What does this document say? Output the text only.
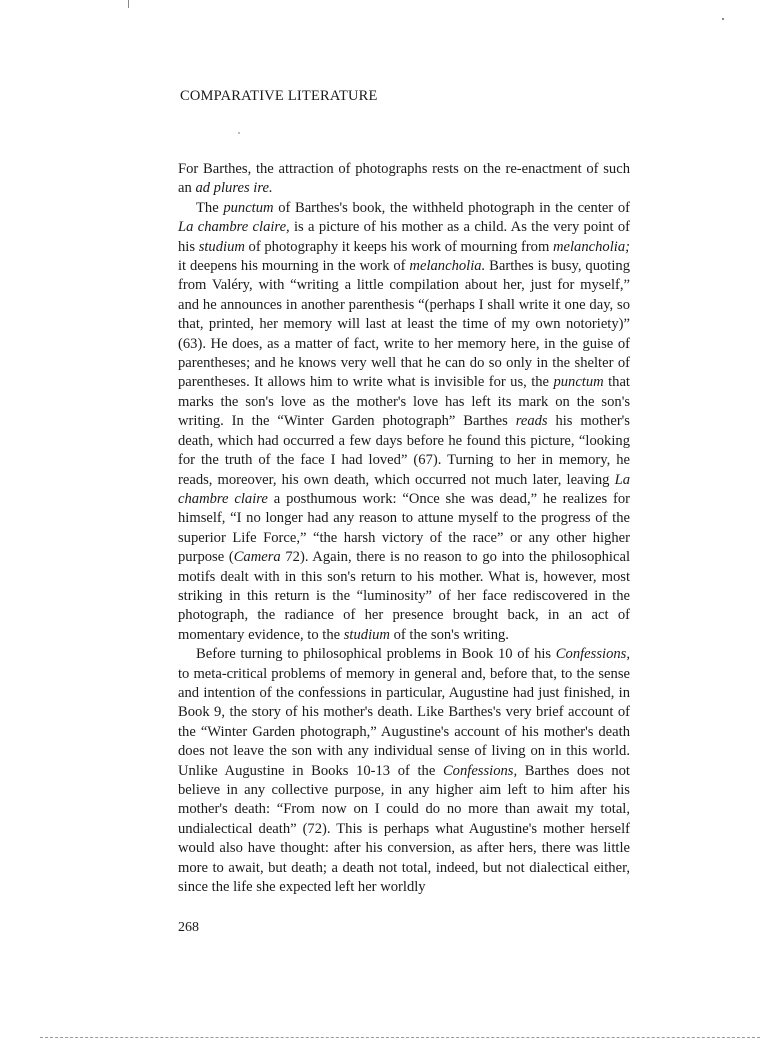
COMPARATIVE LITERATURE

For Barthes, the attraction of photographs rests on the re-enactment of such an ad plures ire.

The punctum of Barthes's book, the withheld photograph in the center of La chambre claire, is a picture of his mother as a child. As the very point of his studium of photography it keeps his work of mourning from melancholia; it deepens his mourning in the work of melancholia. Barthes is busy, quoting from Valéry, with “writing a little compilation about her, just for myself,” and he announces in another parenthesis “(perhaps I shall write it one day, so that, printed, her memory will last at least the time of my own notoriety)” (63). He does, as a matter of fact, write to her memory here, in the guise of parentheses; and he knows very well that he can do so only in the shelter of parentheses. It allows him to write what is invisible for us, the punctum that marks the son's love as the mother's love has left its mark on the son's writing. In the “Winter Garden photograph” Barthes reads his mother's death, which had occurred a few days before he found this picture, “looking for the truth of the face I had loved” (67). Turning to her in memory, he reads, moreover, his own death, which occurred not much later, leaving La chambre claire a posthumous work: “Once she was dead,” he realizes for himself, “I no longer had any reason to attune myself to the progress of the superior Life Force,” “the harsh victory of the race” or any other higher purpose (Camera 72). Again, there is no reason to go into the philosophical motifs dealt with in this son's return to his mother. What is, however, most striking in this return is the “luminosity” of her face rediscovered in the photograph, the radiance of her presence brought back, in an act of momentary evidence, to the studium of the son's writing.

Before turning to philosophical problems in Book 10 of his Confessions, to meta-critical problems of memory in general and, before that, to the sense and intention of the confessions in particular, Augustine had just finished, in Book 9, the story of his mother's death. Like Barthes's very brief account of the “Winter Garden photograph,” Augustine's account of his mother's death does not leave the son with any individual sense of living on in this world. Unlike Augustine in Books 10-13 of the Confessions, Barthes does not believe in any collective purpose, in any higher aim left to him after his mother's death: “From now on I could do no more than await my total, undialectical death” (72). This is perhaps what Augustine's mother herself would also have thought: after his conversion, as after hers, there was little more to await, but death; a death not total, indeed, but not dialectical either, since the life she expected left her worldly

268
